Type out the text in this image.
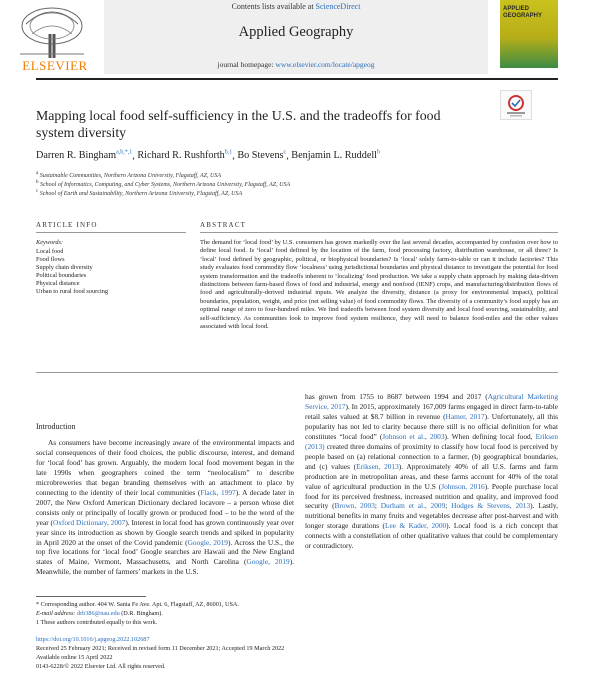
ELSEVIER
Contents lists available at ScienceDirect
Applied Geography
journal homepage: www.elsevier.com/locate/apgeog
APPLIED
GEOGRAPHY
Mapping local food self-sufficiency in the U.S. and the tradeoffs for food system diversity
Darren R. Bingham$^{a,b,*,1}$, Richard R. Rushforth$^{b,1}$, Bo Stevens$^c$, Benjamin L. Ruddell$^b$
$^a$ Sustainable Communities, Northern Arizona University, Flagstaff, AZ, USA
$^b$ School of Informatics, Computing, and Cyber Systems, Northern Arizona University, Flagstaff, AZ, USA
$^c$ School of Earth and Sustainability, Northern Arizona University, Flagstaff, AZ, USA
ARTICLE INFO	ABSTRACT
Keywords:
Local food
Food flows
Supply chain diversity
Political boundaries
Physical distance
Urban to rural food sourcing
The demand for ‘local food’ by U.S. consumers has grown markedly over the last several decades, accompanied by confusion over how to define local food. Is ‘local’ food defined by the location of the farm, food processing factory, distribution warehouse, or all three? Is ‘local’ food defined by geographic, political, or biophysical boundaries? Is ‘local’ solely farm-to-table or can it include factories? This study evaluates food commodity flow ‘localness’ using jurisdictional boundaries and physical distance to investigate the potential for food system transformation and the tradeoffs inherent to ‘localizing’ food production. We take a supply chain approach by making data-driven distinctions between farm-based flows of food and industrial, energy and nonfood (IENF) crops, and manufacturing/distribution flows of food and agriculturally-derived industrial inputs. We analyze the diversity, distance (a proxy for environmental impact), political boundaries, population, weight, and price (net selling value) of food commodity flows. The diversity of a community’s food supply has an optimal range of zero to four-hundred miles. We find tradeoffs between food system diversity and local food sourcing, sustainability, and self-sufficiency. As communities look to improve food system resilience, they will need to balance food-miles and the other values associated with local food.
Introduction
As consumers have become increasingly aware of the environmental impacts and social consequences of their food choices, the public discourse, interest, and demand for ‘local food’ has grown. Arguably, the modern local food movement began in the late 1990s when geographers coined the term “neolocalism” to describe microbreweries that began branding themselves with an attachment to place by connecting to the identity of their local communities (Flack, 1997). A decade later in 2007, the New Oxford American Dictionary declared locavore – a person whose diet consists only or principally of locally grown or produced food – to be the word of the year (Oxford Dictionary, 2007). Interest in local food has grown continuously year over year since its introduction as shown by Google search trends and spiked in popularity in April 2020 at the onset of the Covid pandemic (Google, 2019). Across the U.S., the top five locations for ‘local food’ Google searches are Hawaii and the New England states of Maine, Vermont, Massachusetts, and North Carolina (Google, 2019). Meanwhile, the number of farmers’ markets in the U.S.
has grown from 1755 to 8687 between 1994 and 2017 (Agricultural Marketing Service, 2017). In 2015, approximately 167,009 farms engaged in direct farm-to-table retail sales valued at $8.7 billion in revenue (Hamer, 2017). Unfortunately, all this popularity has not led to clarity because there still is no official definition for what constitutes “local food” (Johnson et al., 2003). When defining local food, Eriksen (2013) created three domains of proximity to classify how local food is perceived by people based on (a) relational connection to a farmer, (b) geographical boundaries, and (c) values (Eriksen, 2013). Approximately 40% of all U.S. farms and farm production are in metropolitan areas, and these farms account for 40% of the total value of agricultural production in the U.S (Johnson, 2016). People purchase local food for its perceived freshness, increased nutrition and quality, and improved food security (Brown, 2003; Durham et al., 2009; Hodges & Stevens, 2013). Lastly, nutritional benefits in many fruits and vegetables decrease after post-harvest and with longer storage durations (Lee & Kader, 2000). Local food is a rich concept that connects with a constellation of other qualitative values that could be complementary or contradictory.
* Corresponding author. 404 W. Santa Fe Ave. Apt. 6, Flagstaff, AZ, 86001, USA.
E-mail address: drb386@nau.edu (D.R. Bingham).
1 These authors contributed equally to this work.
https://doi.org/10.1016/j.apgeog.2022.102687
Received 25 February 2021; Received in revised form 11 December 2021; Accepted 19 March 2022
Available online 15 April 2022
0143-6228/© 2022 Elsevier Ltd. All rights reserved.
